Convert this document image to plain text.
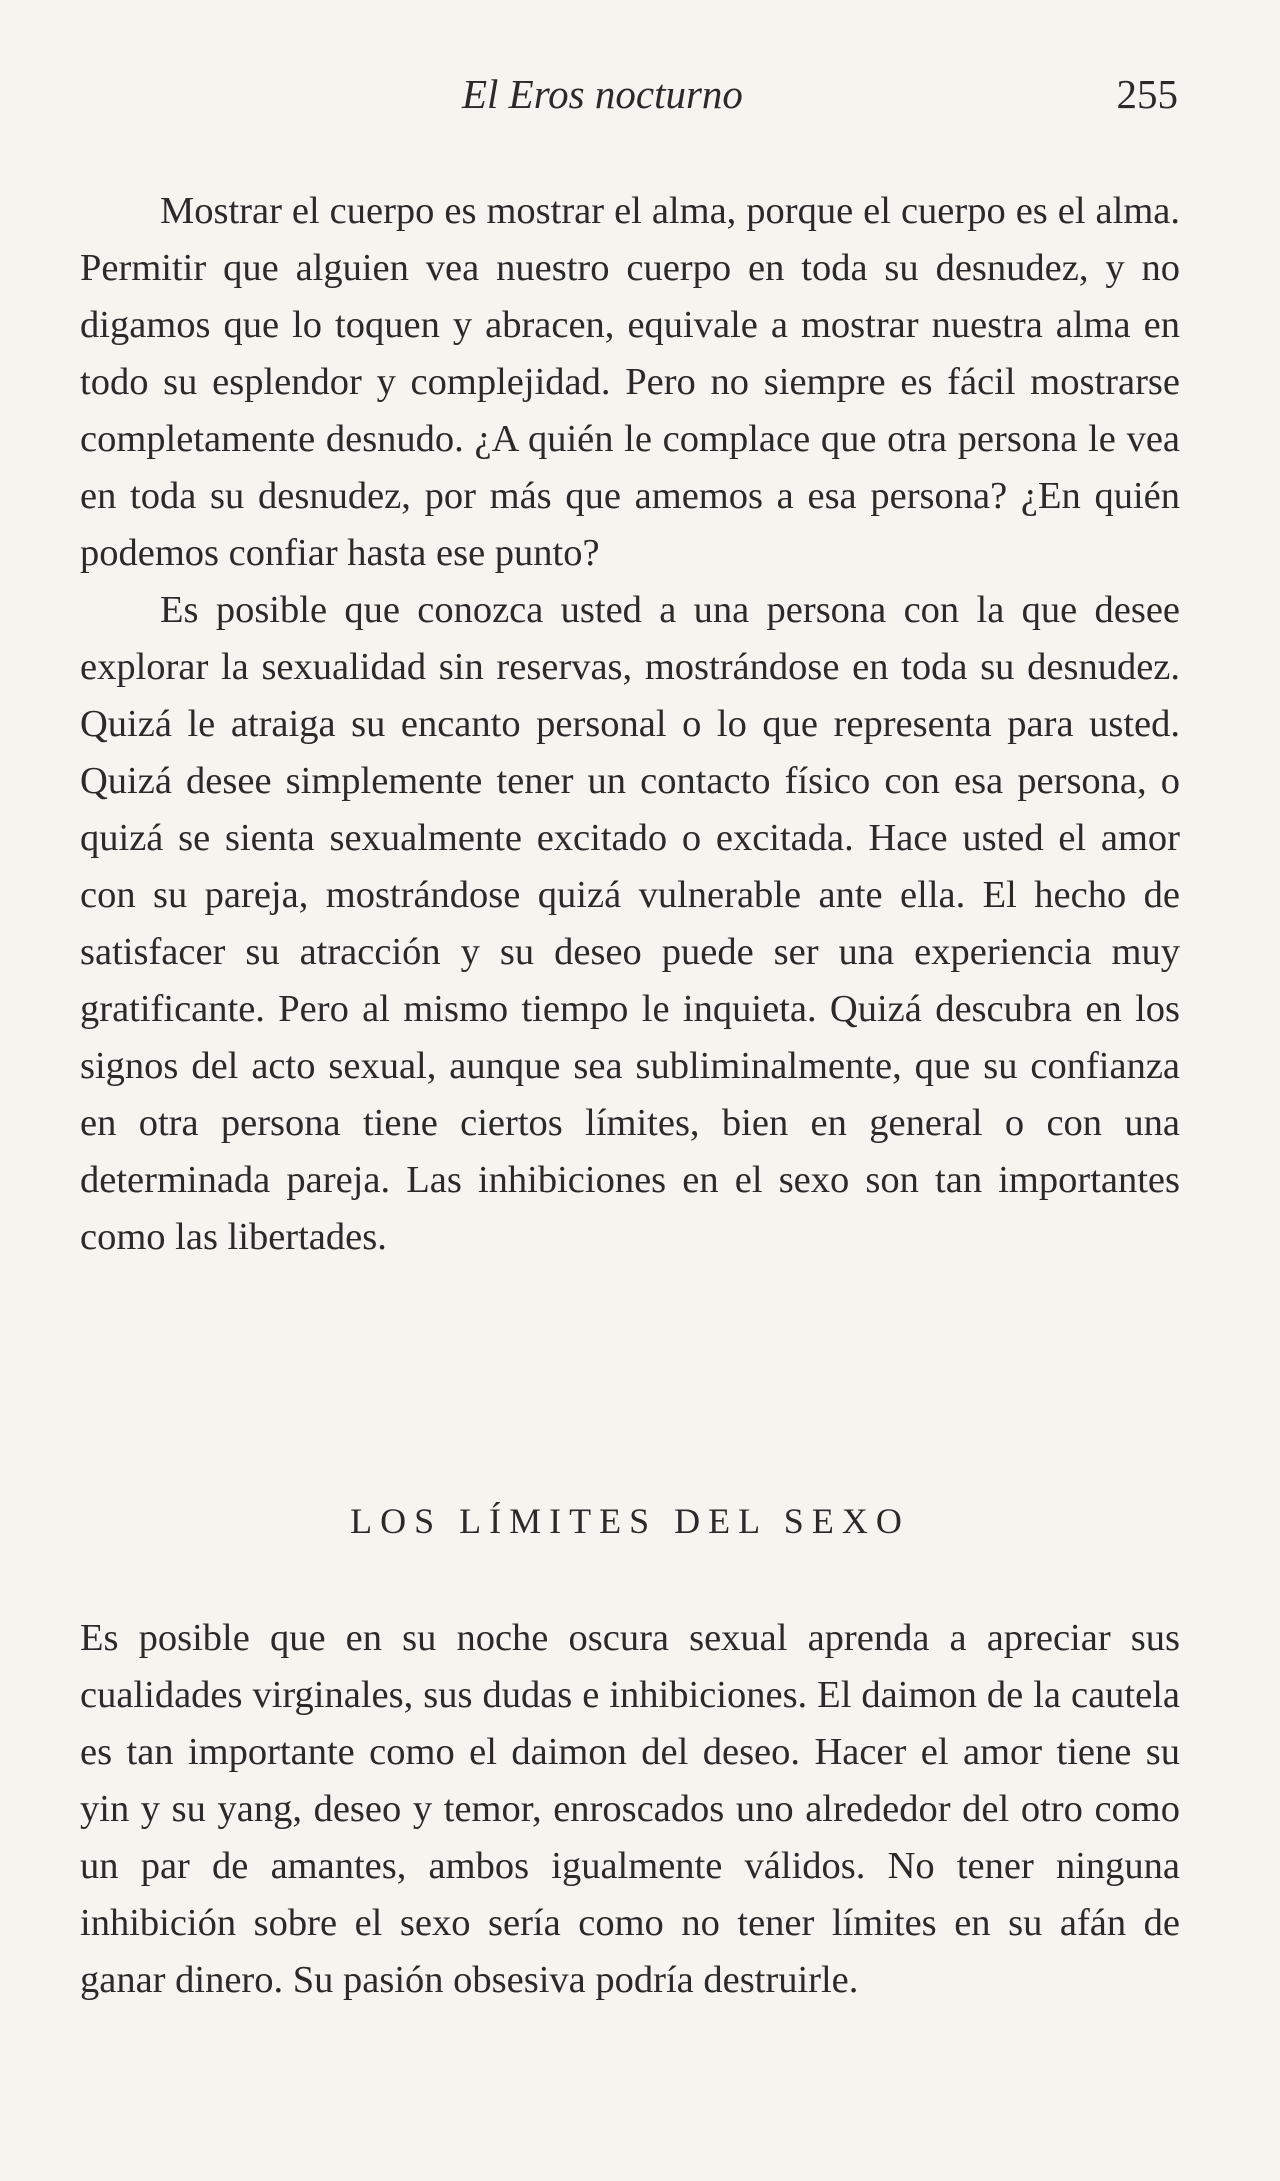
El Eros nocturno	255

Mostrar el cuerpo es mostrar el alma, porque el cuerpo es el alma. Permitir que alguien vea nuestro cuerpo en toda su desnudez, y no digamos que lo toquen y abracen, equivale a mostrar nuestra alma en todo su esplendor y complejidad. Pero no siempre es fácil mostrarse completamente desnudo. ¿A quién le complace que otra persona le vea en toda su desnudez, por más que amemos a esa persona? ¿En quién podemos confiar hasta ese punto?

Es posible que conozca usted a una persona con la que desee explorar la sexualidad sin reservas, mostrándose en toda su desnudez. Quizá le atraiga su encanto personal o lo que representa para usted. Quizá desee simplemente tener un contacto físico con esa persona, o quizá se sienta sexualmente excitado o excitada. Hace usted el amor con su pareja, mostrándose quizá vulnerable ante ella. El hecho de satisfacer su atracción y su deseo puede ser una experiencia muy gratificante. Pero al mismo tiempo le inquieta. Quizá descubra en los signos del acto sexual, aunque sea subliminalmente, que su confianza en otra persona tiene ciertos límites, bien en general o con una determinada pareja. Las inhibiciones en el sexo son tan importantes como las libertades.

LOS LÍMITES DEL SEXO

Es posible que en su noche oscura sexual aprenda a apreciar sus cualidades virginales, sus dudas e inhibiciones. El daimon de la cautela es tan importante como el daimon del deseo. Hacer el amor tiene su yin y su yang, deseo y temor, enroscados uno alrededor del otro como un par de amantes, ambos igualmente válidos. No tener ninguna inhibición sobre el sexo sería como no tener límites en su afán de ganar dinero. Su pasión obsesiva podría destruirle.
